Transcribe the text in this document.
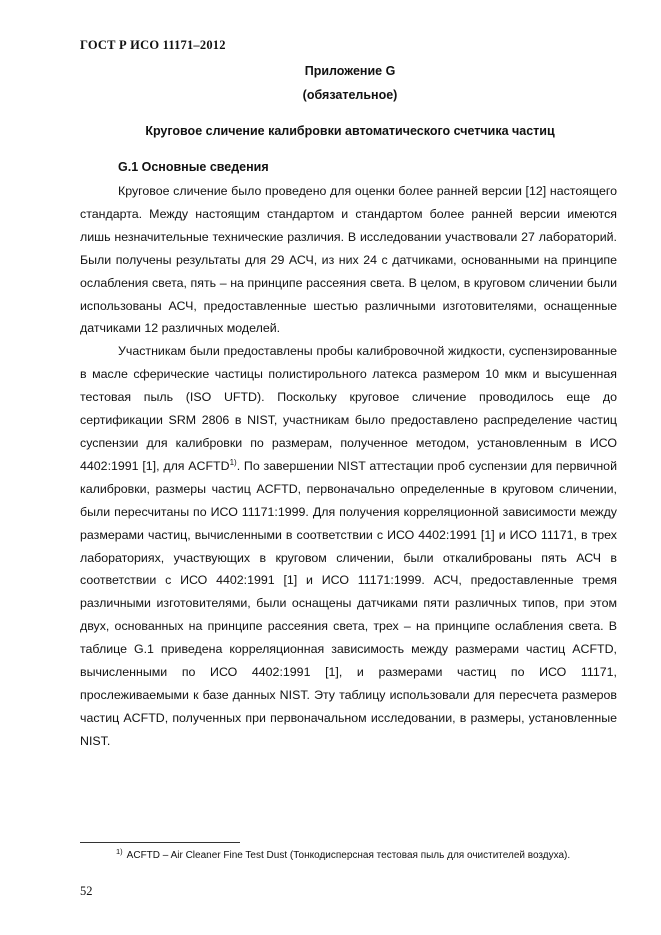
ГОСТ Р ИСО 11171–2012
Приложение G
(обязательное)
Круговое сличение калибровки автоматического счетчика частиц
G.1 Основные сведения

Круговое сличение было проведено для оценки более ранней версии [12] настоящего стандарта. Между настоящим стандартом и стандартом более ранней версии имеются лишь незначительные технические различия. В исследовании участвовали 27 лабораторий. Были получены результаты для 29 АСЧ, из них 24 с датчиками, основанными на принципе ослабления света, пять – на принципе рассеяния света. В целом, в круговом сличении были использованы АСЧ, предоставленные шестью различными изготовителями, оснащенные датчиками 12 различных моделей.

Участникам были предоставлены пробы калибровочной жидкости, суспензированные в масле сферические частицы полистирольного латекса размером 10 мкм и высушенная тестовая пыль (ISO UFTD). Поскольку круговое сличение проводилось еще до сертификации SRM 2806 в NIST, участникам было предоставлено распределение частиц суспензии для калибровки по размерам, полученное методом, установленным в ИСО 4402:1991 [1], для ACFTD$^{1)}$. По завершении NIST аттестации проб суспензии для первичной калибровки, размеры частиц ACFTD, первоначально определенные в круговом сличении, были пересчитаны по ИСО 11171:1999. Для получения корреляционной зависимости между размерами частиц, вычисленными в соответствии с ИСО 4402:1991 [1] и ИСО 11171, в трех лабораториях, участвующих в круговом сличении, были откалиброваны пять АСЧ в соответствии с ИСО 4402:1991 [1] и ИСО 11171:1999. АСЧ, предоставленные тремя различными изготовителями, были оснащены датчиками пяти различных типов, при этом двух, основанных на принципе рассеяния света, трех – на принципе ослабления света. В таблице G.1 приведена корреляционная зависимость между размерами частиц ACFTD, вычисленными по ИСО 4402:1991 [1], и размерами частиц по ИСО 11171, прослеживаемыми к базе данных NIST. Эту таблицу использовали для пересчета размеров частиц ACFTD, полученных при первоначальном исследовании, в размеры, установленные NIST.

1) ACFTD – Air Cleaner Fine Test Dust (Тонкодисперсная тестовая пыль для очистителей воздуха).
52
